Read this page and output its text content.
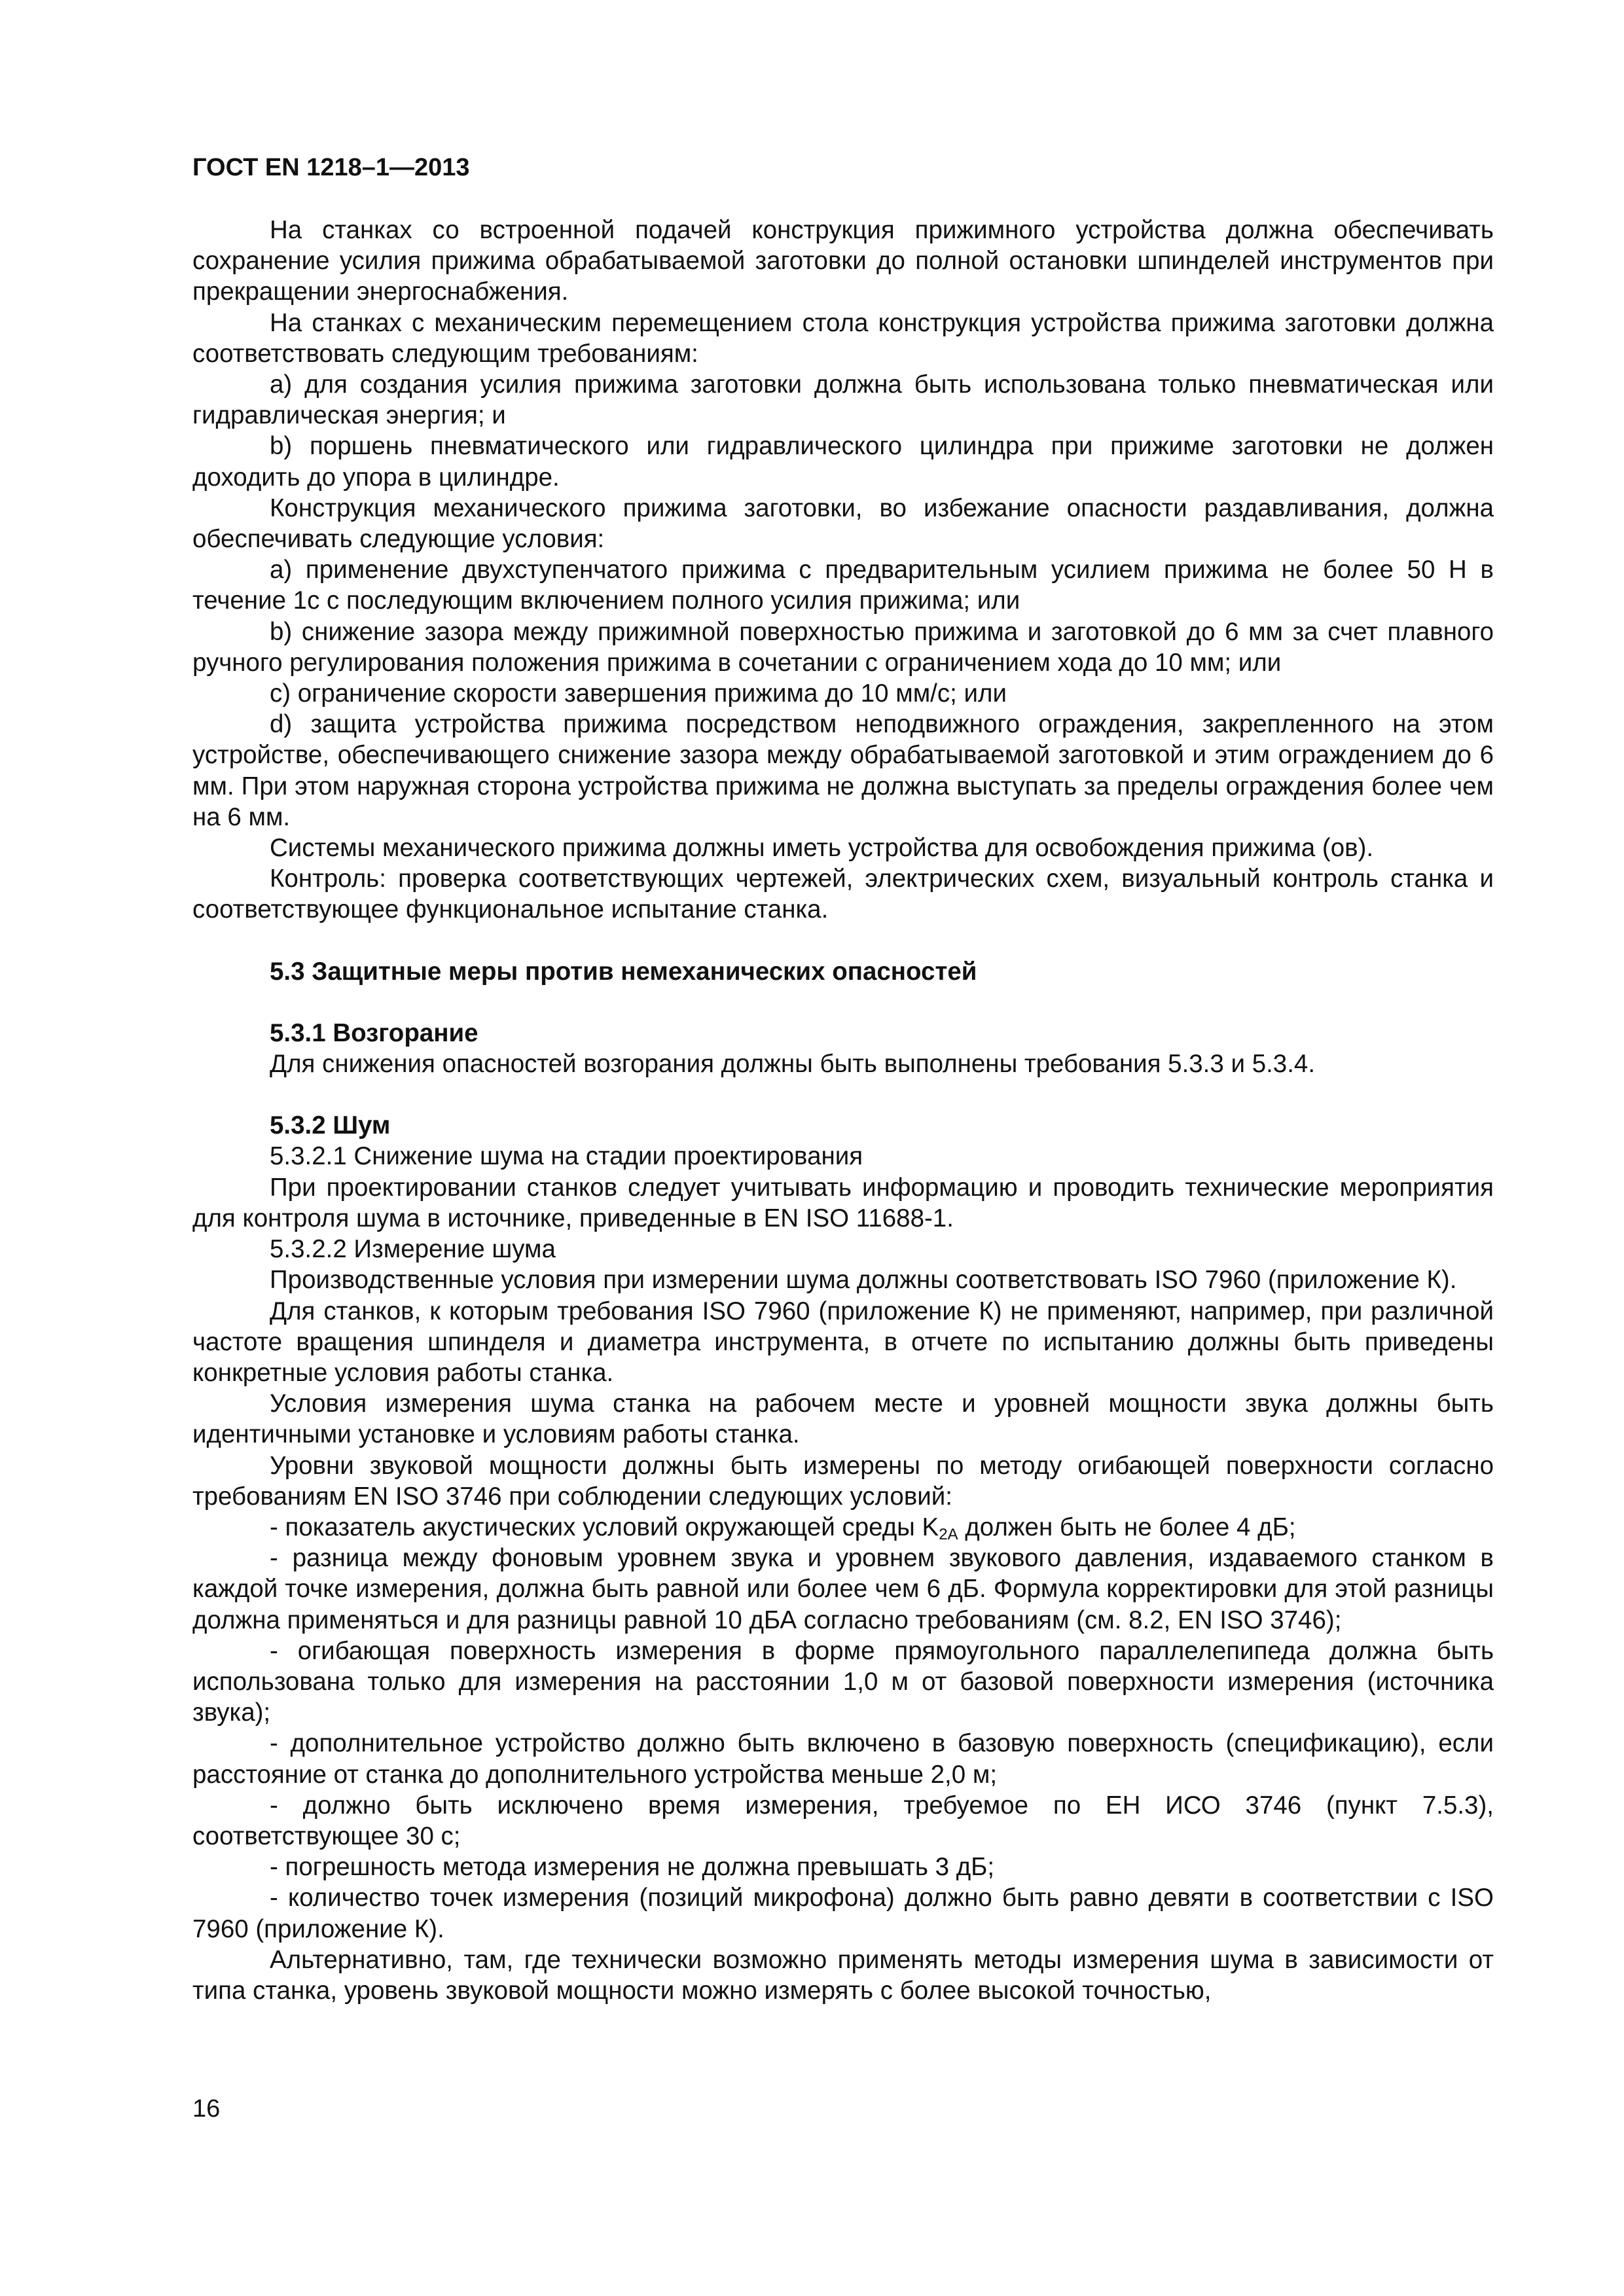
ГОСТ EN 1218–1—2013

На станках со встроенной подачей конструкция прижимного устройства должна обеспечивать сохранение усилия прижима обрабатываемой заготовки до полной остановки шпинделей инструментов при прекращении энергоснабжения.

На станках с механическим перемещением стола конструкция устройства прижима заготовки должна соответствовать следующим требованиям:

a) для создания усилия прижима заготовки должна быть использована только пневматическая или гидравлическая энергия; и

b) поршень пневматического или гидравлического цилиндра при прижиме заготовки не должен доходить до упора в цилиндре.

Конструкция механического прижима заготовки, во избежание опасности раздавливания, должна обеспечивать следующие условия:

a) применение двухступенчатого прижима с предварительным усилием прижима не более 50 Н в течение 1с с последующим включением полного усилия прижима; или

b) снижение зазора между прижимной поверхностью прижима и заготовкой до 6 мм за счет плавного ручного регулирования положения прижима в сочетании с ограничением хода до 10 мм; или

c) ограничение скорости завершения прижима до 10 мм/с; или

d) защита устройства прижима посредством неподвижного ограждения, закрепленного на этом устройстве, обеспечивающего снижение зазора между обрабатываемой заготовкой и этим ограждением до 6 мм. При этом наружная сторона устройства прижима не должна выступать за пределы ограждения более чем на 6 мм.

Системы механического прижима должны иметь устройства для освобождения прижима (ов).

Контроль: проверка соответствующих чертежей, электрических схем, визуальный контроль станка и соответствующее функциональное испытание станка.

5.3 Защитные меры против немеханических опасностей
5.3.1 Возгорание

Для снижения опасностей возгорания должны быть выполнены требования 5.3.3 и 5.3.4.

5.3.2 Шум

5.3.2.1 Снижение шума на стадии проектирования

При проектировании станков следует учитывать информацию и проводить технические мероприятия для контроля шума в источнике, приведенные в EN ISO 11688-1.

5.3.2.2 Измерение шума

Производственные условия при измерении шума должны соответствовать ISO 7960 (приложение К).

Для станков, к которым требования ISO 7960 (приложение К) не применяют, например, при различной частоте вращения шпинделя и диаметра инструмента, в отчете по испытанию должны быть приведены конкретные условия работы станка.

Условия измерения шума станка на рабочем месте и уровней мощности звука должны быть идентичными установке и условиям работы станка.

Уровни звуковой мощности должны быть измерены по методу огибающей поверхности согласно требованиям EN ISO 3746 при соблюдении следующих условий:

- показатель акустических условий окружающей среды $K_{2A}$ должен быть не более 4 дБ;

- разница между фоновым уровнем звука и уровнем звукового давления, издаваемого станком в каждой точке измерения, должна быть равной или более чем 6 дБ. Формула корректировки для этой разницы должна применяться и для разницы равной 10 дБА согласно требованиям (см. 8.2, EN ISO 3746);

- огибающая поверхность измерения в форме прямоугольного параллелепипеда должна быть использована только для измерения на расстоянии 1,0 м от базовой поверхности измерения (источника звука);

- дополнительное устройство должно быть включено в базовую поверхность (спецификацию), если расстояние от станка до дополнительного устройства меньше 2,0 м;

- должно быть исключено время измерения, требуемое по ЕН ИСО 3746 (пункт 7.5.3), соответствующее 30 с;

- погрешность метода измерения не должна превышать 3 дБ;

- количество точек измерения (позиций микрофона) должно быть равно девяти в соответствии с ISO 7960 (приложение К).

Альтернативно, там, где технически возможно применять методы измерения шума в зависимости от типа станка, уровень звуковой мощности можно измерять с более высокой точностью,

16
